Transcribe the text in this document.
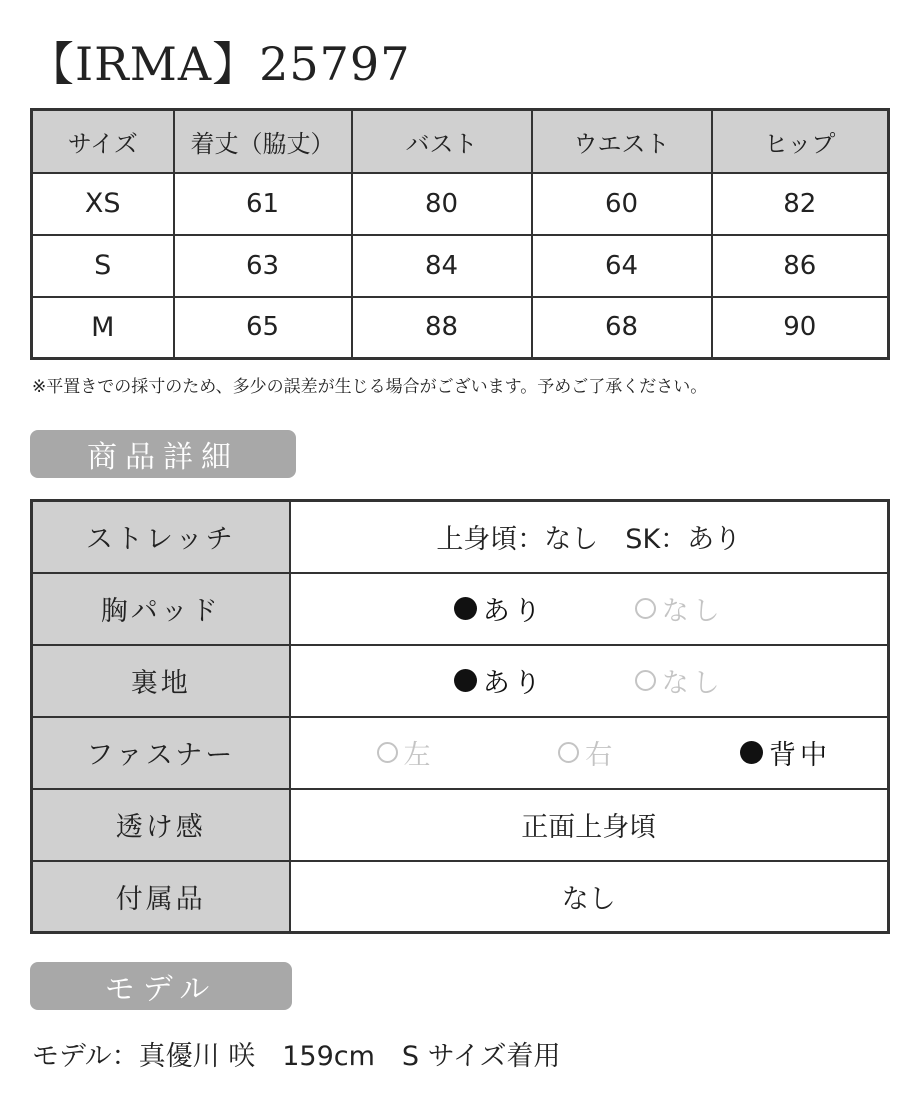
【IRMA】25797
サイズ	着丈（脇丈）	バスト	ウエスト	ヒップ
XS	61	80	60	82
S	63	84	64	86
M	65	88	68	90
※平置きでの採寸のため、多少の誤差が生じる場合がございます。予めご了承ください。
商品詳細
ストレッチ	上身頃：なし　SK：あり
胸パッド	あり なし

裏地	あり なし

ファスナー	左 右 背中

透け感	正面上身頃
付属品	なし
モデル
モデル：真優川 咲　159cm　S サイズ着用
